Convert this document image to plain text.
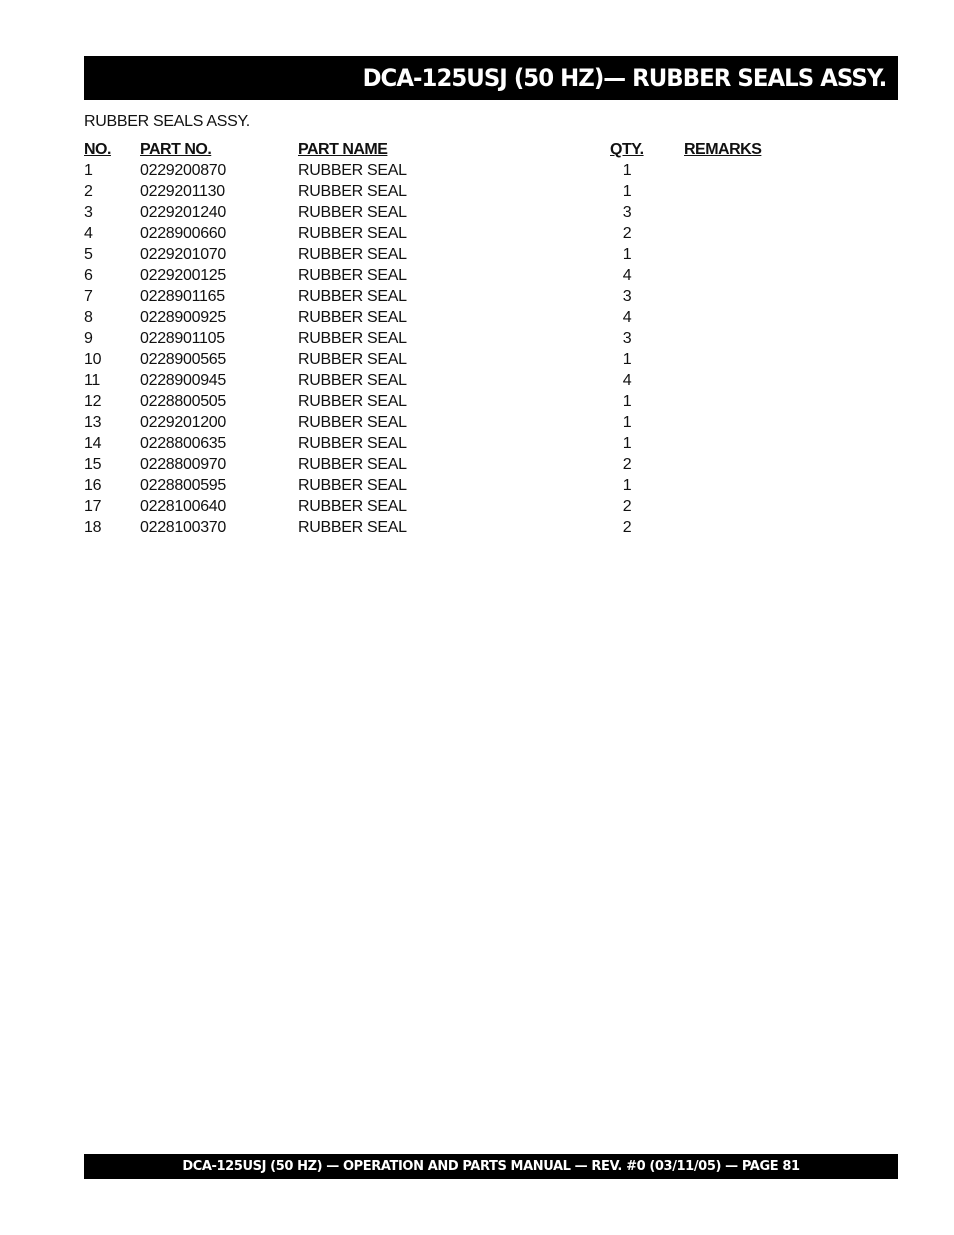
DCA-125USJ (50 HZ)— RUBBER SEALS ASSY.
RUBBER SEALS ASSY.
NO. PART NO.	PART NAME	QTY.	REMARKS
1	0229200870	RUBBER SEAL	1
2	0229201130	RUBBER SEAL	1
3	0229201240	RUBBER SEAL	3
4	0228900660	RUBBER SEAL	2
5	0229201070	RUBBER SEAL	1
6	0229200125	RUBBER SEAL	4
7	0228901165	RUBBER SEAL	3
8	0228900925	RUBBER SEAL	4
9	0228901105	RUBBER SEAL	3
10 0228900565	RUBBER SEAL	1
11 0228900945	RUBBER SEAL	4
12 0228800505	RUBBER SEAL	1
13 0229201200	RUBBER SEAL	1
14 0228800635	RUBBER SEAL	1
15 0228800970	RUBBER SEAL	2
16 0228800595	RUBBER SEAL	1
17 0228100640	RUBBER SEAL	2
18 0228100370	RUBBER SEAL	2
DCA-125USJ (50 HZ) — OPERATION AND PARTS MANUAL — REV. #0 (03/11/05) — PAGE 81
